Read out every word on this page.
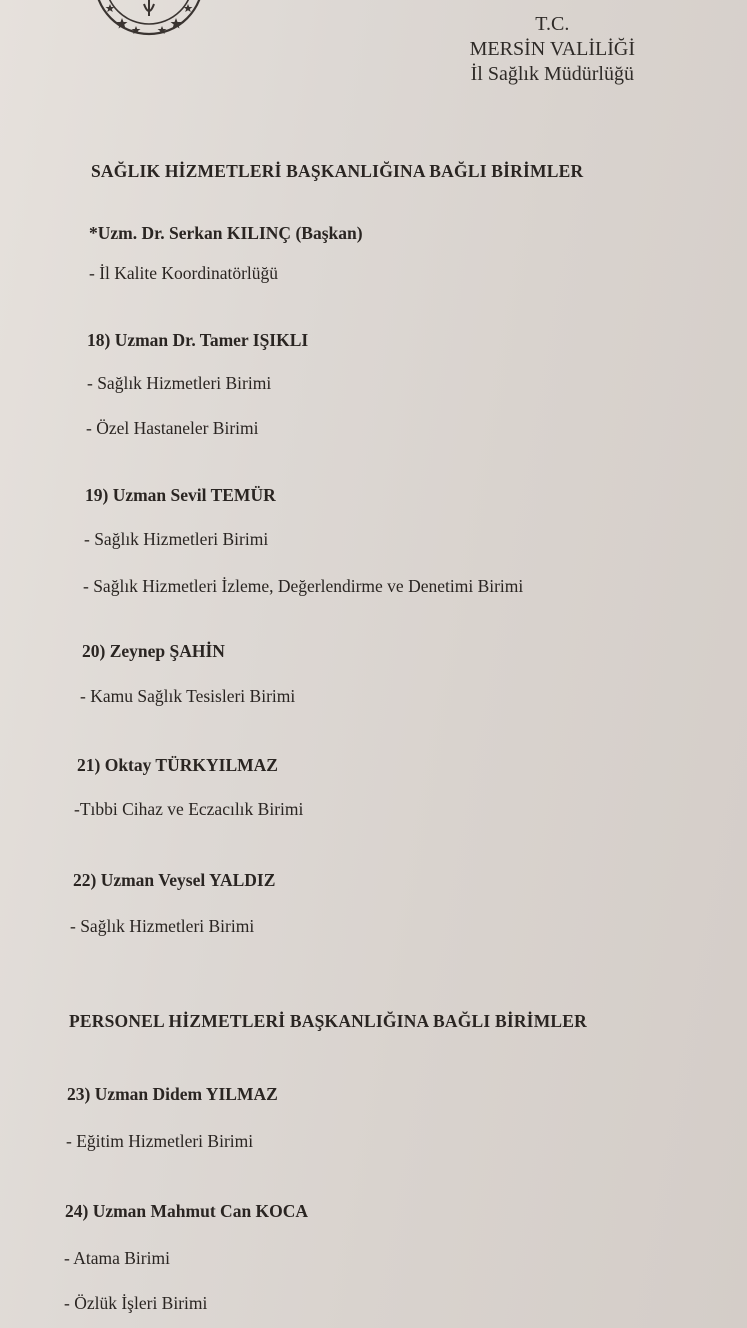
T.C.
MERSİN VALİLİĞİ
İl Sağlık Müdürlüğü
SAĞLIK HİZMETLERİ BAŞKANLIĞINA BAĞLI BİRİMLER
*Uzm. Dr. Serkan KILINÇ (Başkan)
- İl Kalite Koordinatörlüğü
18) Uzman Dr. Tamer IŞIKLI
- Sağlık Hizmetleri Birimi
- Özel Hastaneler Birimi
19) Uzman Sevil TEMÜR
- Sağlık Hizmetleri Birimi
- Sağlık Hizmetleri İzleme, Değerlendirme ve Denetimi Birimi
20) Zeynep ŞAHİN
- Kamu Sağlık Tesisleri Birimi
21) Oktay TÜRKYILMAZ
-Tıbbi Cihaz ve Eczacılık Birimi
22) Uzman Veysel YALDIZ
- Sağlık Hizmetleri Birimi
PERSONEL HİZMETLERİ BAŞKANLIĞINA BAĞLI BİRİMLER
23) Uzman Didem YILMAZ
- Eğitim Hizmetleri Birimi
24) Uzman Mahmut Can KOCA
- Atama Birimi
- Özlük İşleri Birimi
